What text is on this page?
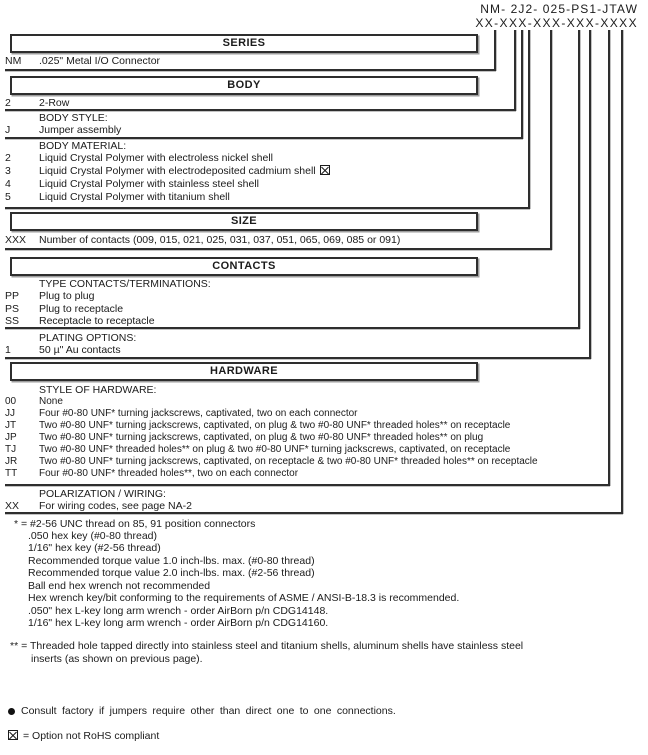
NM- 2J2- 025-PS1-JTAW
XX-XXX-XXX-XXX-XXXX
SERIES
NM .025" Metal I/O Connector
BODY
2	2-Row
BODY STYLE:
J	Jumper assembly
BODY MATERIAL:
2	Liquid Crystal Polymer with electroless nickel shell
3	Liquid Crystal Polymer with electrodeposited cadmium shell
4	Liquid Crystal Polymer with stainless steel shell
5	Liquid Crystal Polymer with titanium shell
SIZE
XXX Number of contacts (009, 015, 021, 025, 031, 037, 051, 065, 069, 085 or 091)
CONTACTS
TYPE CONTACTS/TERMINATIONS:
PP Plug to plug
PS Plug to receptacle
SS Receptacle to receptacle
PLATING OPTIONS:
1	50 µ" Au contacts
HARDWARE
STYLE OF HARDWARE:
00 None
JJ Four #0-80 UNF* turning jackscrews, captivated, two on each connector
JT Two #0-80 UNF* turning jackscrews, captivated, on plug & two #0-80 UNF* threaded holes** on receptacle
JP Two #0-80 UNF* turning jackscrews, captivated, on plug & two #0-80 UNF* threaded holes** on plug
TJ Two #0-80 UNF* threaded holes** on plug & two #0-80 UNF* turning jackscrews, captivated, on receptacle
JR Two #0-80 UNF* turning jackscrews, captivated, on receptacle & two #0-80 UNF* threaded holes** on receptacle
TT Four #0-80 UNF* threaded holes**, two on each connector
POLARIZATION / WIRING:
XX For wiring codes, see page NA-2
* = #2-56 UNC thread on 85, 91 position connectors
.050 hex key (#0-80 thread)
1/16" hex key (#2-56 thread)
Recommended torque value 1.0 inch-lbs. max. (#0-80 thread)
Recommended torque value 2.0 inch-lbs. max. (#2-56 thread)
Ball end hex wrench not recommended
Hex wrench key/bit conforming to the requirements of ASME / ANSI-B-18.3 is recommended.
.050" hex L-key long arm wrench - order AirBorn p/n CDG14148.
1/16" hex L-key long arm wrench - order AirBorn p/n CDG14160.
** = Threaded hole tapped directly into stainless steel and titanium shells, aluminum shells have stainless steel
inserts (as shown on previous page).
Consult factory if jumpers require other than direct one to one connections.
= Option not RoHS compliant
